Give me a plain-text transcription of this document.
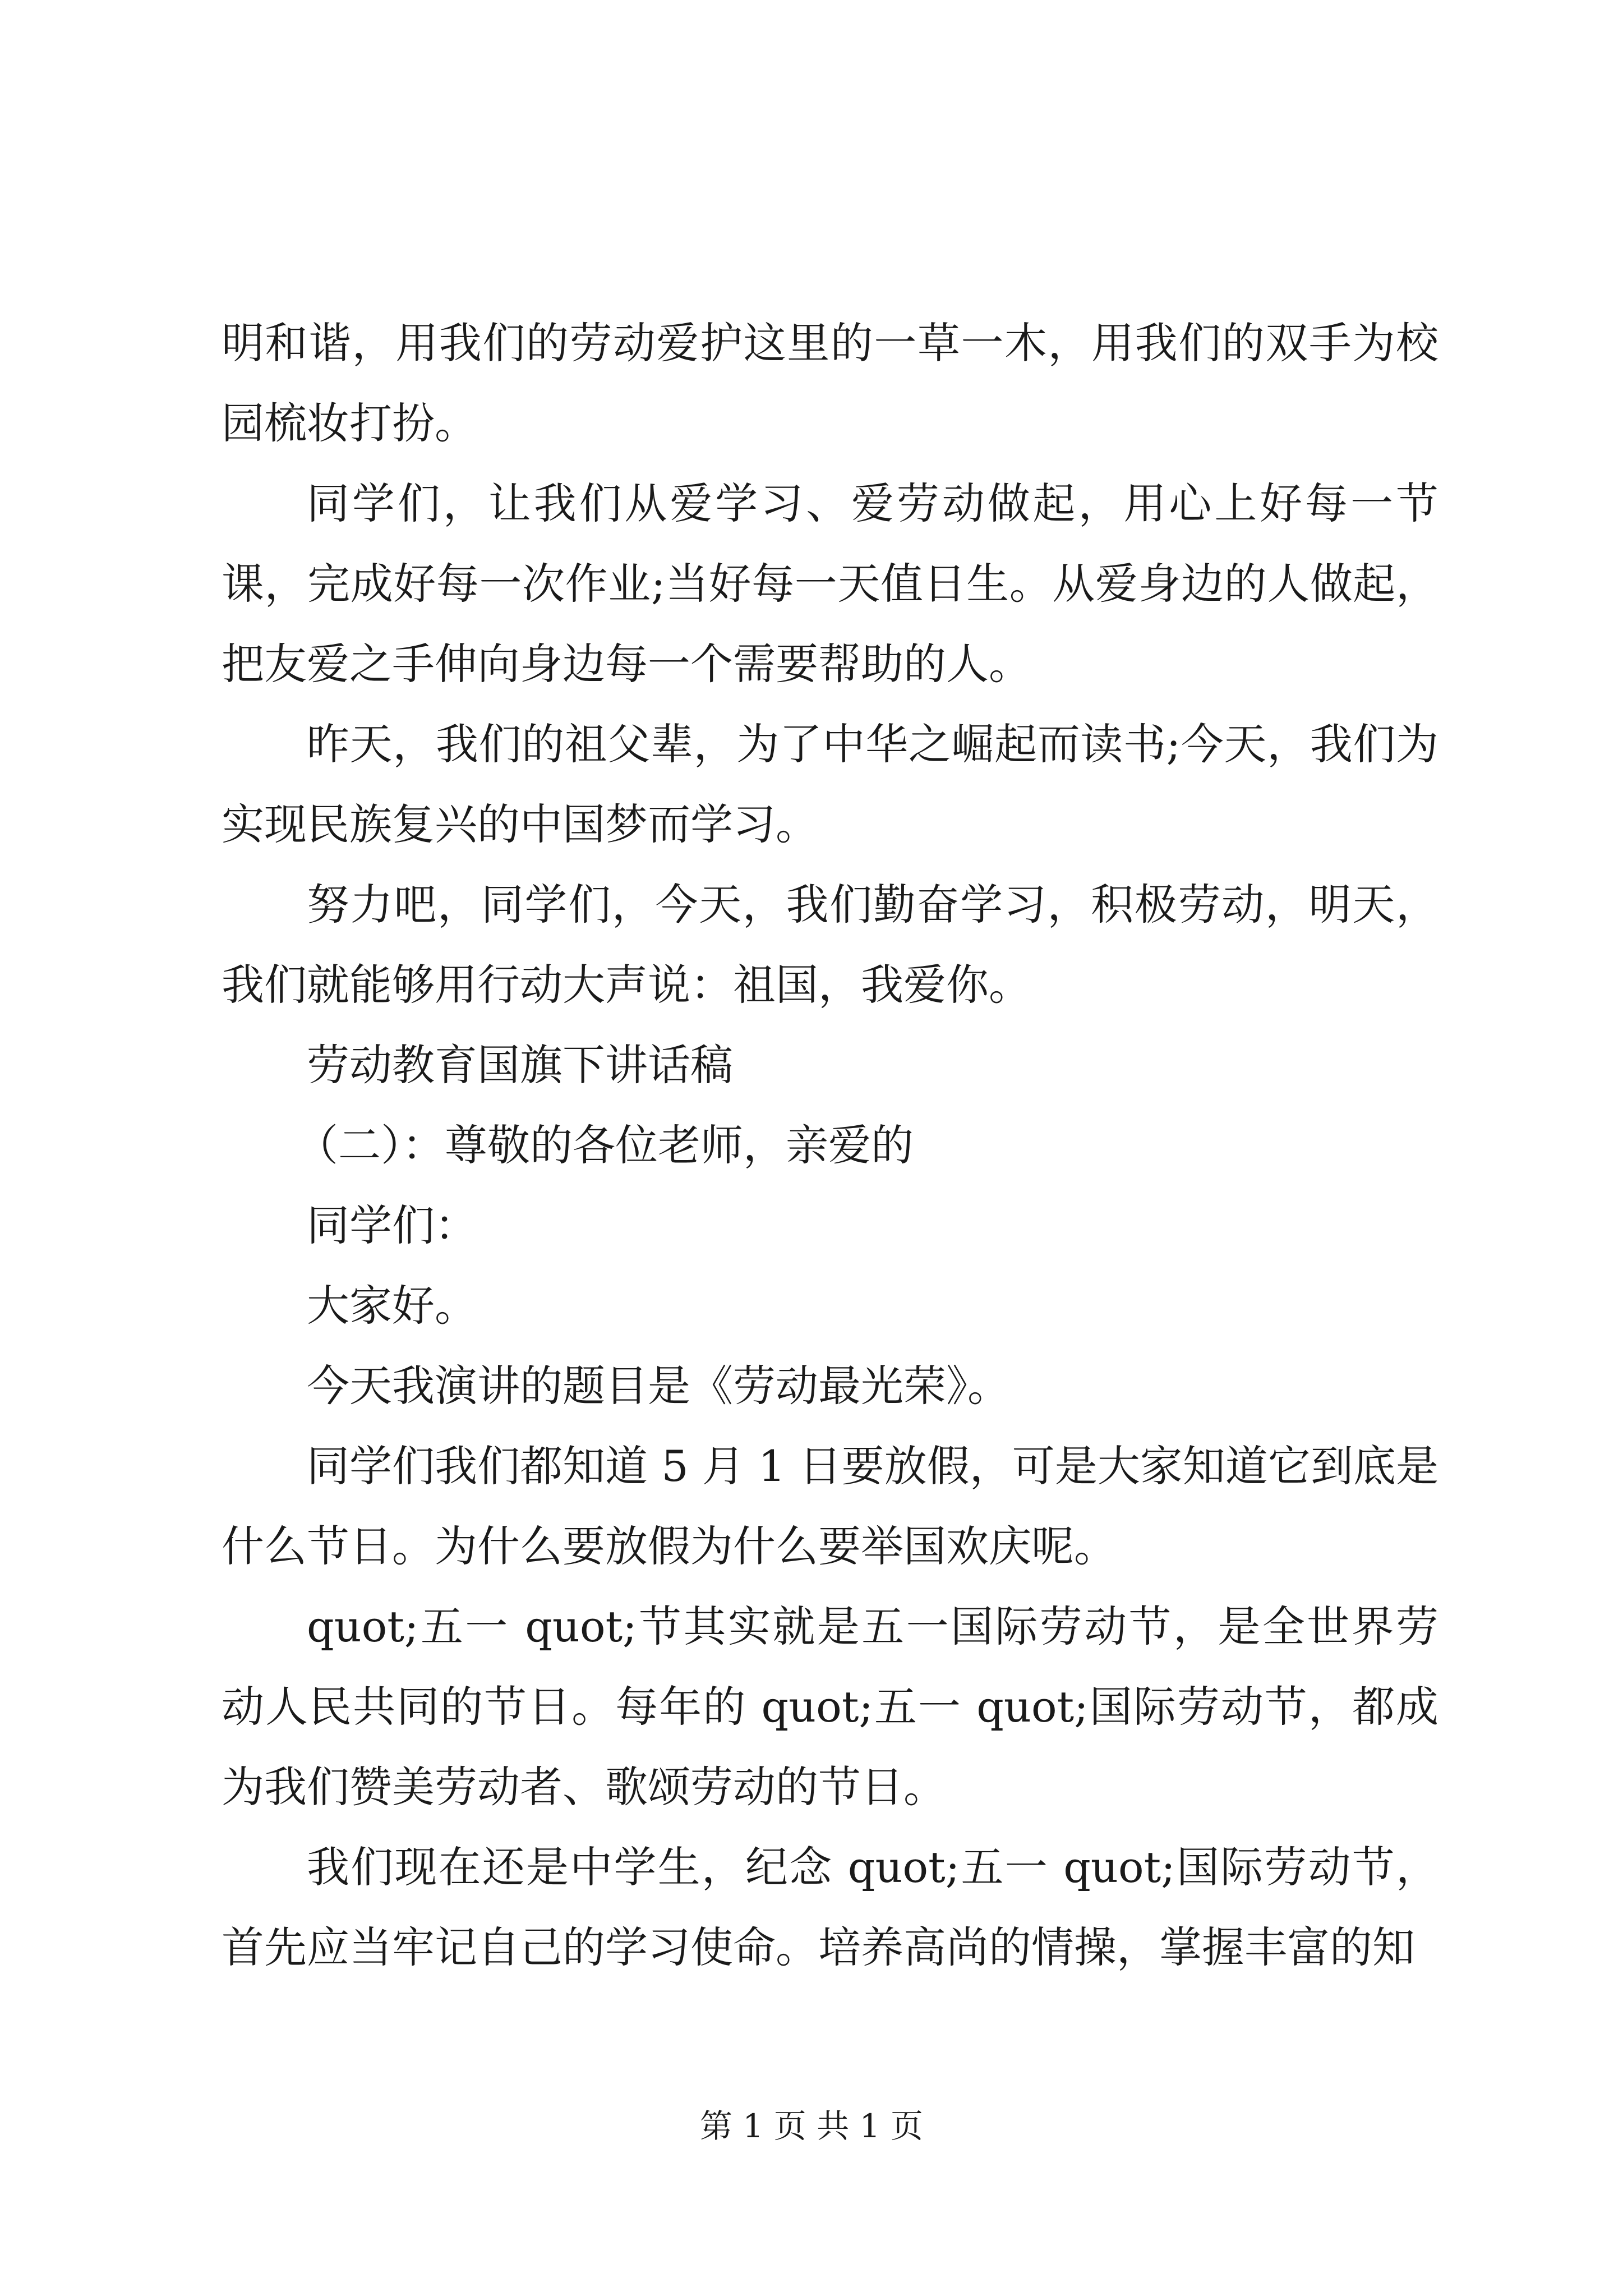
明和谐，用我们的劳动爱护这里的一草一木，用我们的双手为校园梳妆打扮。

同学们，让我们从爱学习、爱劳动做起，用心上好每一节课，完成好每一次作业;当好每一天值日生。从爱身边的人做起，把友爱之手伸向身边每一个需要帮助的人。

昨天，我们的祖父辈，为了中华之崛起而读书;今天，我们为实现民族复兴的中国梦而学习。

努力吧，同学们，今天，我们勤奋学习，积极劳动，明天，我们就能够用行动大声说：祖国，我爱你。

劳动教育国旗下讲话稿

（二）：尊敬的各位老师，亲爱的

同学们：

大家好。

今天我演讲的题目是《劳动最光荣》。

同学们我们都知道 5 月 1 日要放假，可是大家知道它到底是什么节日。为什么要放假为什么要举国欢庆呢。

quot;五一 quot;节其实就是五一国际劳动节，是全世界劳动人民共同的节日。每年的 quot;五一 quot;国际劳动节，都成为我们赞美劳动者、歌颂劳动的节日。

我们现在还是中学生，纪念 quot;五一 quot;国际劳动节，首先应当牢记自己的学习使命。培养高尚的情操，掌握丰富的知

第 1 页 共 1 页
